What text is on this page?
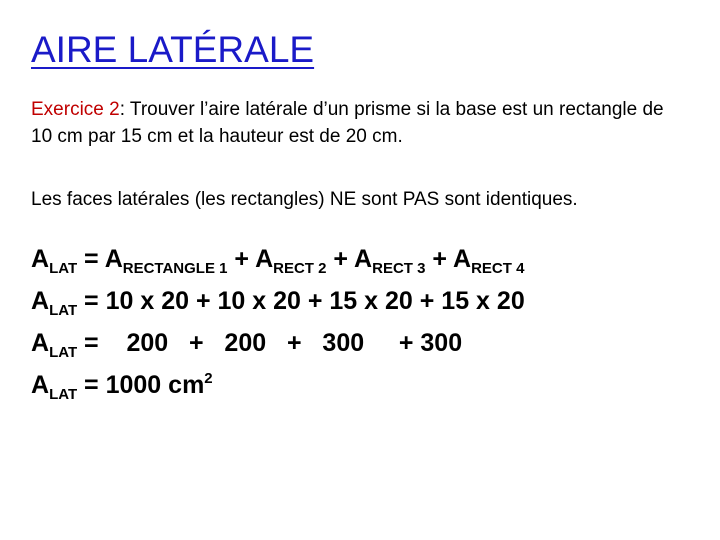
AIRE LATÉRALE
Exercice 2: Trouver l’aire latérale d’un prisme si la base est un rectangle de 10 cm par 15 cm et la hauteur est de 20 cm.
Les faces latérales (les rectangles) NE sont PAS sont identiques.
$A_{LAT} = A_{RECTANGLE 1} + A_{RECT 2} + A_{RECT 3} + A_{RECT 4}$
$A_{LAT} = 10$ x 20 + 10 x 20 + 15 x 20 + 15 x 20
$A_{LAT}$ =    200   +   200   +   300     + 300
$A_{LAT} = 1000$ $cm^2$
